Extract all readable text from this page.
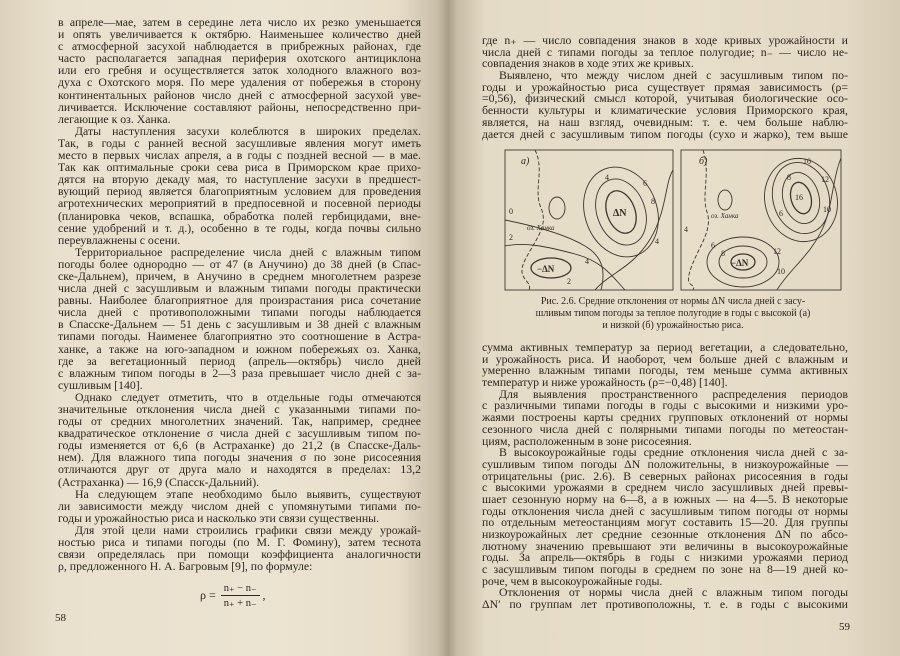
в апреле—мае, затем в середине лета число их резко уменьшается
и опять увеличивается к октябрю. Наименьшее количество дней
с атмосферной засухой наблюдается в прибрежных районах, где
часто располагается западная периферия охотского антициклона
или его гребня и осуществляется заток холодного влажного воз-
духа с Охотского моря. По мере удаления от побережья в сторону
континентальных районов число дней с атмосферной засухой уве-
личивается. Исключение составляют районы, непосредственно при-
легающие к оз. Ханка.
Даты наступления засухи колеблются в широких пределах.
Так, в годы с ранней весной засушливые явления могут иметь
место в первых числах апреля, а в годы с поздней весной — в мае.
Так как оптимальные сроки сева риса в Приморском крае прихо-
дятся на вторую декаду мая, то наступление засухи в предшест-
вующий период является благоприятным условием для проведения
агротехнических мероприятий в предпосевной и посевной периоды
(планировка чеков, вспашка, обработка полей гербицидами, вне-
сение удобрений и т. д.), особенно в те годы, когда почвы сильно
переувлажнены с осени.
Территориальное распределение числа дней с влажным типом
погоды более однородно — от 47 (в Анучино) до 38 дней (в Спас-
ске-Дальнем), причем, в Анучино в среднем многолетнем разрезе
числа дней с засушливым и влажным типами погоды практически
равны. Наиболее благоприятное для произрастания риса сочетание
числа дней с противоположными типами погоды наблюдается
в Спасске-Дальнем — 51 день с засушливым и 38 дней с влажным
типами погоды. Наименее благоприятно это соотношение в Астра-
ханке, а также на юго-западном и южном побережьях оз. Ханка,
где за вегетационный период (апрель—октябрь) число дней
с влажным типом погоды в 2—3 раза превышает число дней с за-
сушливым [140].
Однако следует отметить, что в отдельные годы отмечаются
значительные отклонения числа дней с указанными типами по-
годы от средних многолетних значений. Так, например, среднее
квадратическое отклонение σ числа дней с засушливым типом по-
годы изменяется от 6,6 (в Астраханке) до 21,2 (в Спасске-Даль-
нем). Для влажного типа погоды значения σ по зоне рисосеяния
отличаются друг от друга мало и находятся в пределах: 13,2
(Астраханка) — 16,9 (Спасск-Дальний).
На следующем этапе необходимо было выявить, существуют
ли зависимости между числом дней с упомянутыми типами по-
годы и урожайностью риса и насколько эти связи существенны.
Для этой цели нами строились графики связи между урожай-
ностью риса и типами погоды (по М. Г. Фомину), затем теснота
связи определялась при помощи коэффициента аналогичности
ρ, предложенного Н. А. Багровым [9], по формуле:
$\rho = \frac{n_+ - n_-}{n_+ + n_-}$ ,
58
где n₊ — число совпадения знаков в ходе кривых урожайности и
числа дней с типами погоды за теплое полугодие; n₋ — число не-
совпадения знаков в ходе этих же кривых.
Выявлено, что между числом дней с засушливым типом по-
годы и урожайностью риса существует прямая зависимость (ρ=
=0,56), физический смысл которой, учитывая биологические осо-
бенности культуры и климатические условия Приморского края,
является, на наш взгляд, очевидным: т. е. чем больше наблю-
дается дней с засушливым типом погоды (сухо и жарко), тем выше
а)
оз. Ханка
ΔN
6
8
4
2
−ΔN
4
2
4
0
б)
оз. Ханка
10
8	12
16
10
6
4
6
8
−ΔN
12
10
Рис. 2.6. Средние отклонения от нормы ΔN числа дней с засу-
шливым типом погоды за теплое полугодие в годы с высокой (а)
и низкой (б) урожайностью риса.
сумма активных температур за период вегетации, а следовательно,
и урожайность риса. И наоборот, чем больше дней с влажным и
умеренно влажным типами погоды, тем меньше сумма активных
температур и ниже урожайность (ρ=−0,48) [140].
Для выявления пространственного распределения периодов
с различными типами погоды в годы с высокими и низкими уро-
жаями построены карты средних групповых отклонений от нормы
сезонного числа дней с полярными типами погоды по метеостан-
циям, расположенным в зоне рисосеяния.
В высокоурожайные годы средние отклонения числа дней с за-
сушливым типом погоды ΔN положительны, в низкоурожайные —
отрицательны (рис. 2.6). В северных районах рисосеяния в годы
с высокими урожаями в среднем число засушливых дней превы-
шает сезонную норму на 6—8, а в южных — на 4—5. В некоторые
годы отклонения числа дней с засушливым типом погоды от нормы
по отдельным метеостанциям могут составить 15—20. Для группы
низкоурожайных лет средние сезонные отклонения ΔN по абсо-
лютному значению превышают эти величины в высокоурожайные
годы. За апрель—октябрь в годы с низкими урожаями период
с засушливым типом погоды в среднем по зоне на 8—19 дней ко-
роче, чем в высокоурожайные годы.
Отклонения от нормы числа дней с влажным типом погоды
ΔN′ по группам лет противоположны, т. е. в годы с высокими
59
